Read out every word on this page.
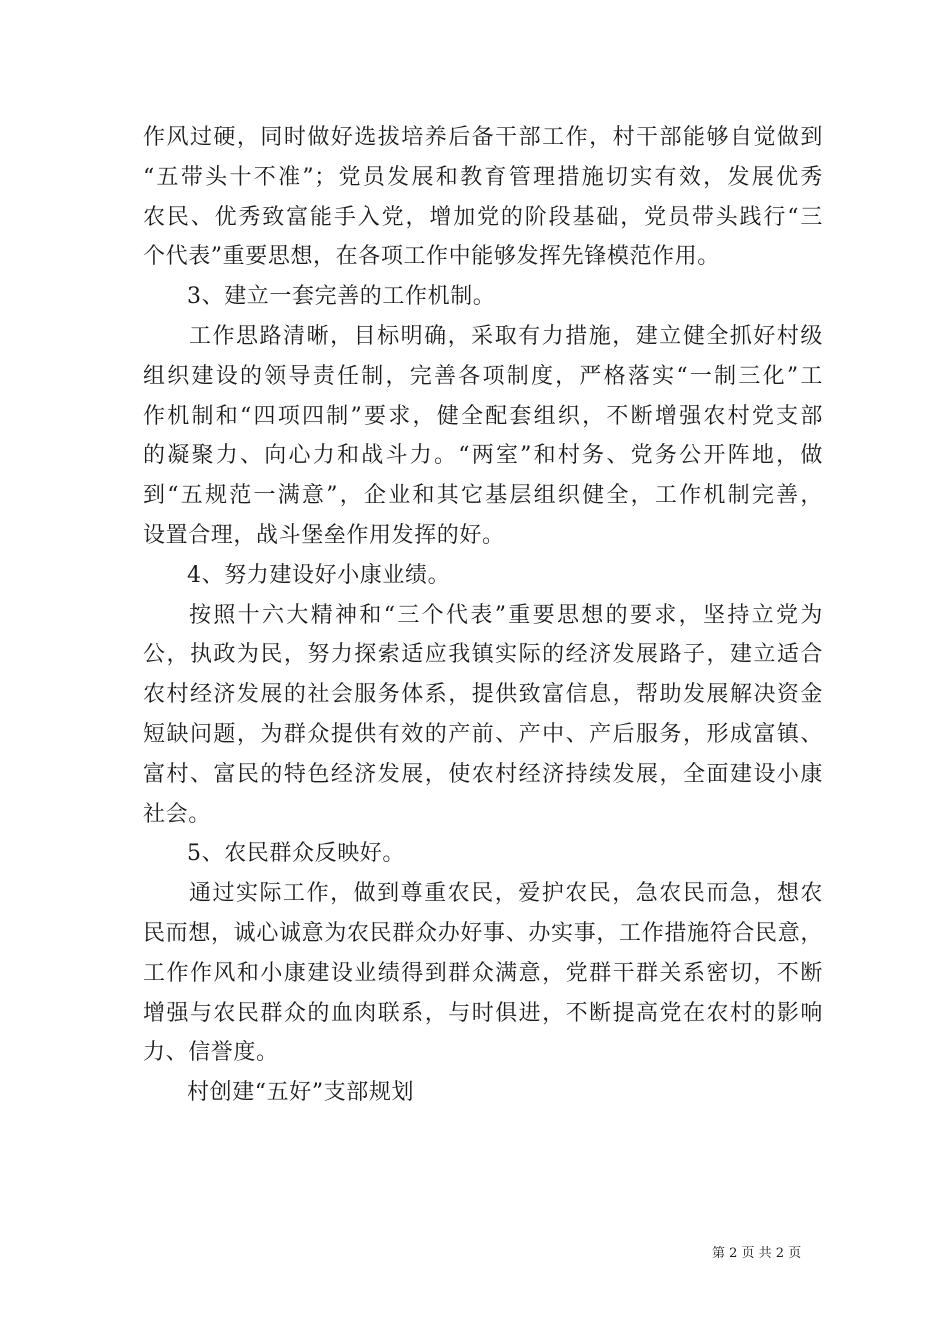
作风过硬，同时做好选拔培养后备干部工作，村干部能够自觉做到
“五带头十不准”；党员发展和教育管理措施切实有效，发展优秀
农民、优秀致富能手入党，增加党的阶段基础，党员带头践行“三
个代表”重要思想，在各项工作中能够发挥先锋模范作用。
3、建立一套完善的工作机制。
工作思路清晰，目标明确，采取有力措施，建立健全抓好村级
组织建设的领导责任制，完善各项制度，严格落实“一制三化”工
作机制和“四项四制”要求，健全配套组织，不断增强农村党支部
的凝聚力、向心力和战斗力。“两室”和村务、党务公开阵地，做
到“五规范一满意”，企业和其它基层组织健全，工作机制完善，
设置合理，战斗堡垒作用发挥的好。
4、努力建设好小康业绩。
按照十六大精神和“三个代表”重要思想的要求，坚持立党为
公，执政为民，努力探索适应我镇实际的经济发展路子，建立适合
农村经济发展的社会服务体系，提供致富信息，帮助发展解决资金
短缺问题，为群众提供有效的产前、产中、产后服务，形成富镇、
富村、富民的特色经济发展，使农村经济持续发展，全面建设小康
社会。
5、农民群众反映好。
通过实际工作，做到尊重农民，爱护农民，急农民而急，想农
民而想，诚心诚意为农民群众办好事、办实事，工作措施符合民意，
工作作风和小康建设业绩得到群众满意，党群干群关系密切，不断
增强与农民群众的血肉联系，与时俱进，不断提高党在农村的影响
力、信誉度。
村创建“五好”支部规划
第 2 页 共 2 页
